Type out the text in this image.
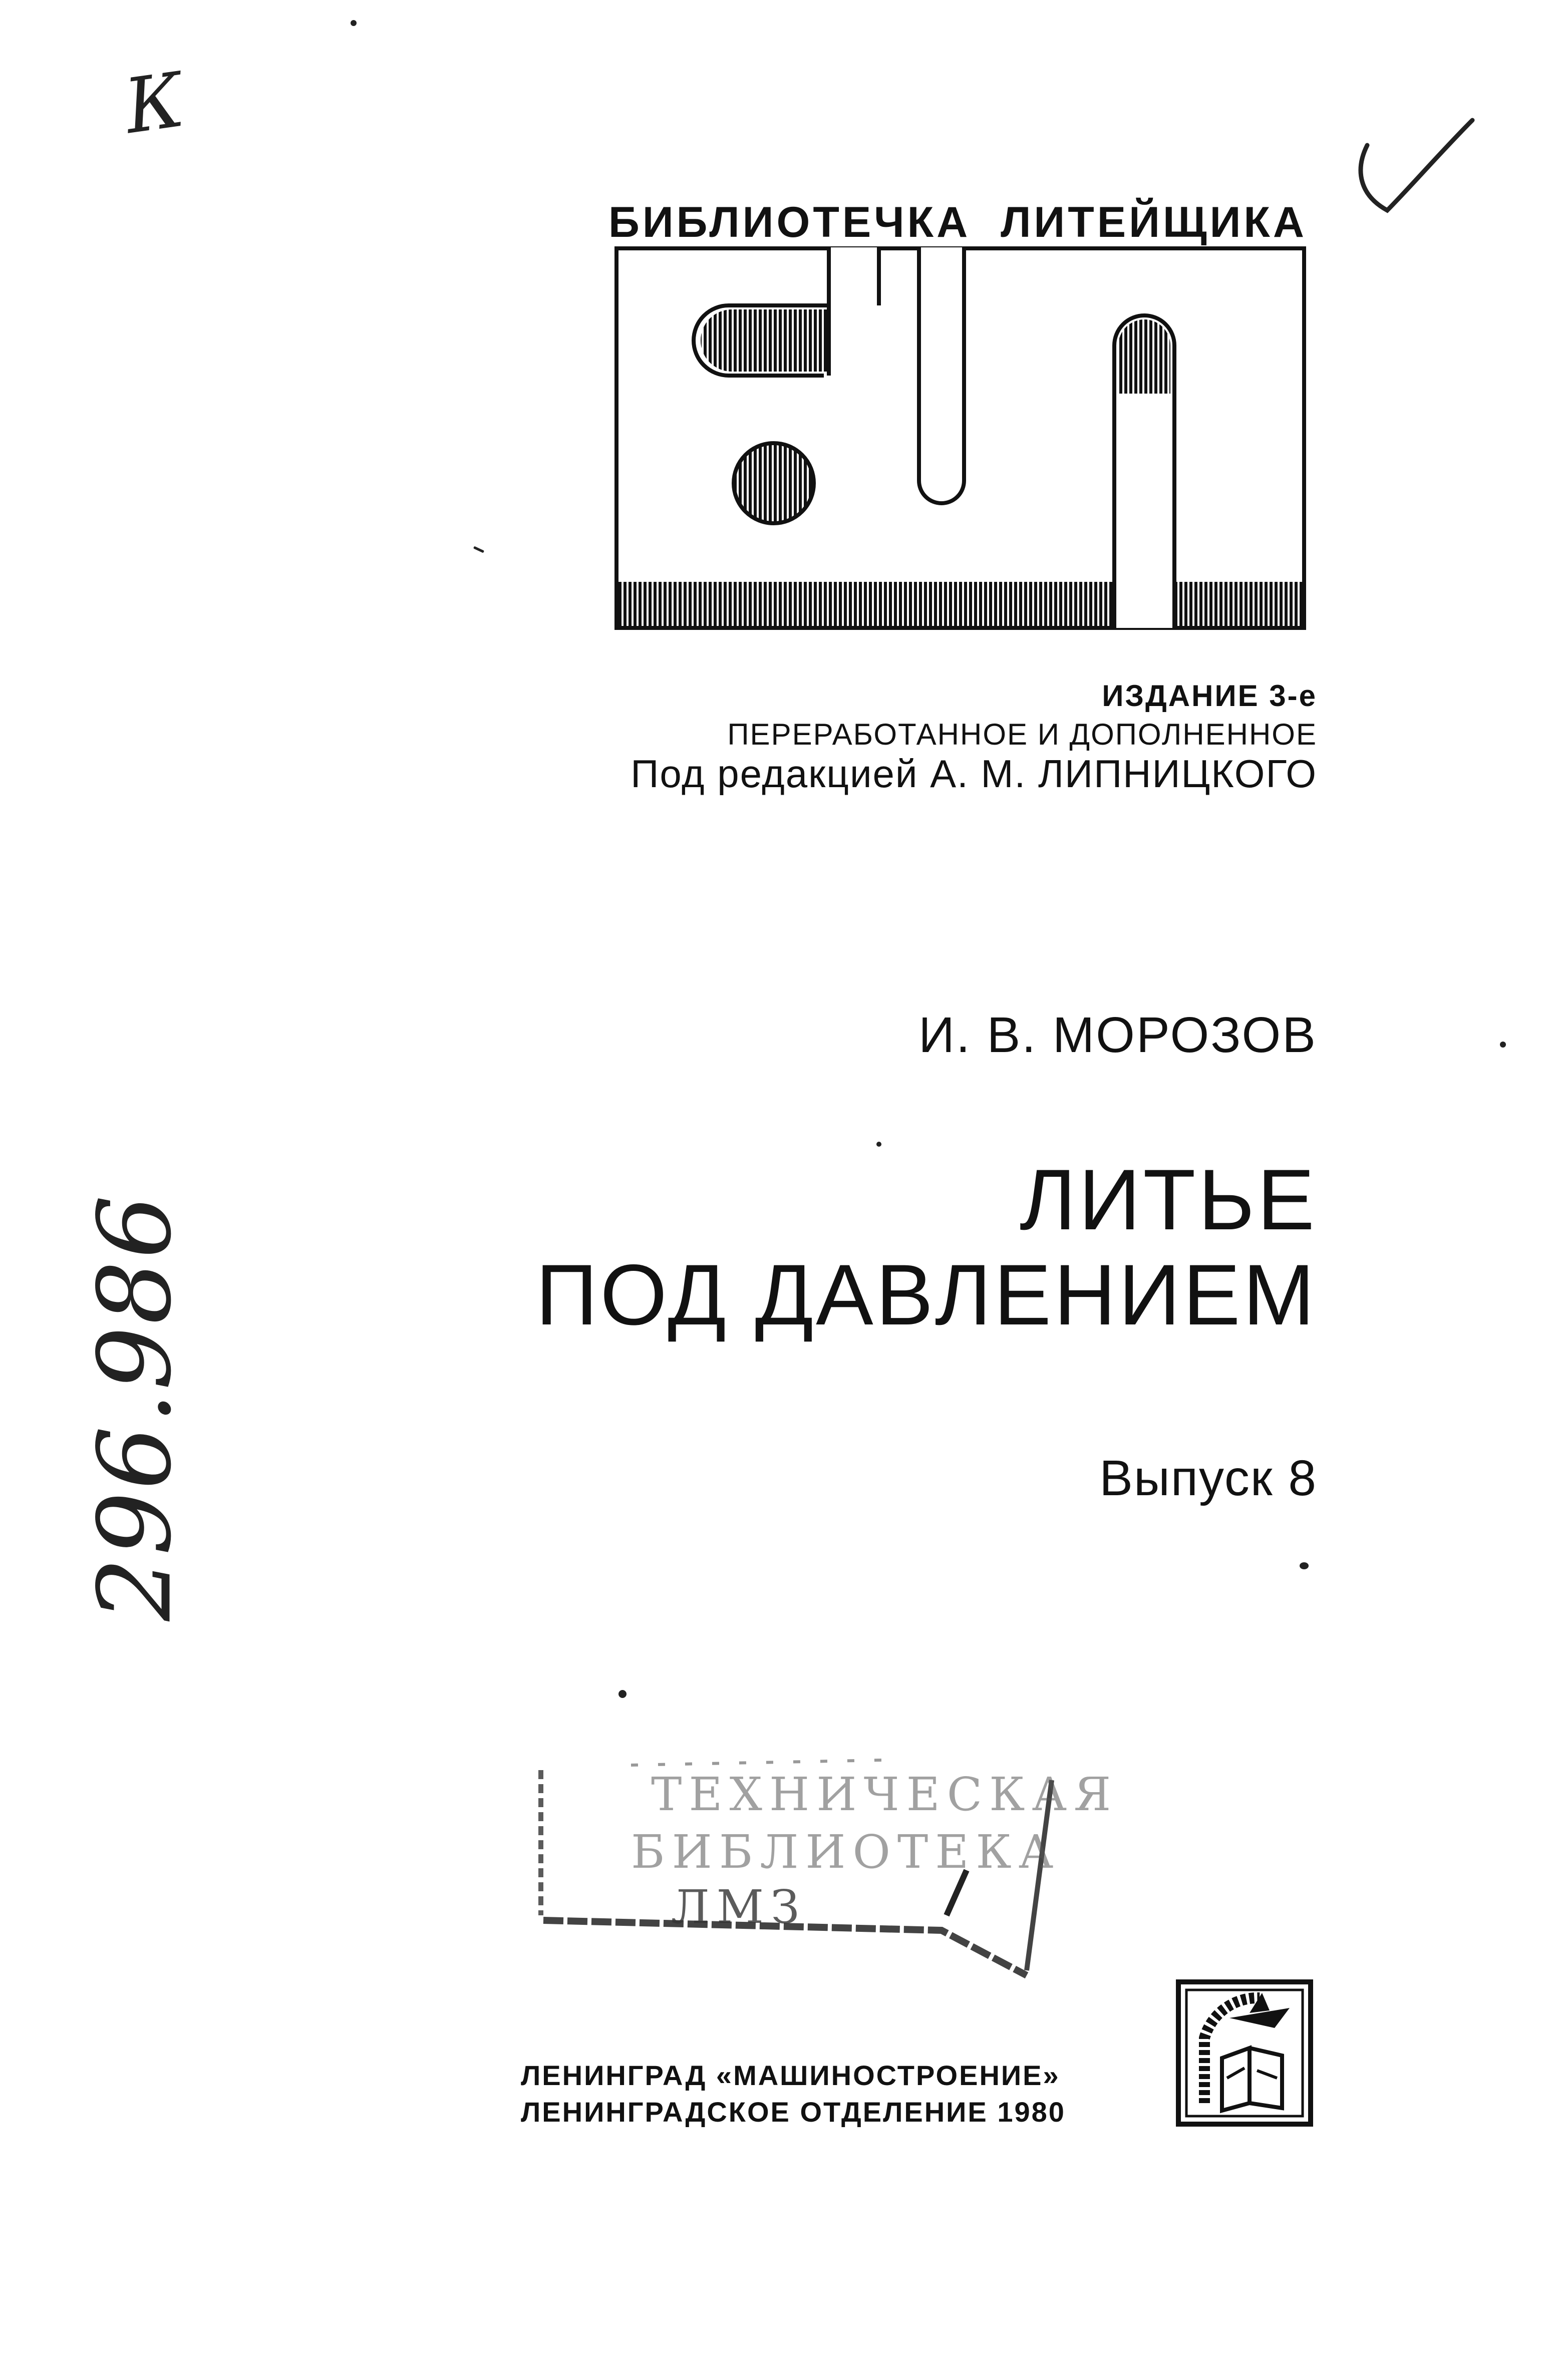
К
296.986
БИБЛИОТЕЧКА ЛИТЕЙЩИКА
ИЗДАНИЕ 3-е
ПЕРЕРАБОТАННОЕ И ДОПОЛНЕННОЕ
Под редакцией А. М. ЛИПНИЦКОГО
И. В. МОРОЗОВ
ЛИТЬЕ
ПОД ДАВЛЕНИЕМ
Выпуск 8
ТЕХНИЧЕСКАЯ
БИБЛИОТЕКА
ЛМЗ
ЛЕНИНГРАД «МАШИНОСТРОЕНИЕ»
ЛЕНИНГРАДСКОЕ ОТДЕЛЕНИЕ 1980
